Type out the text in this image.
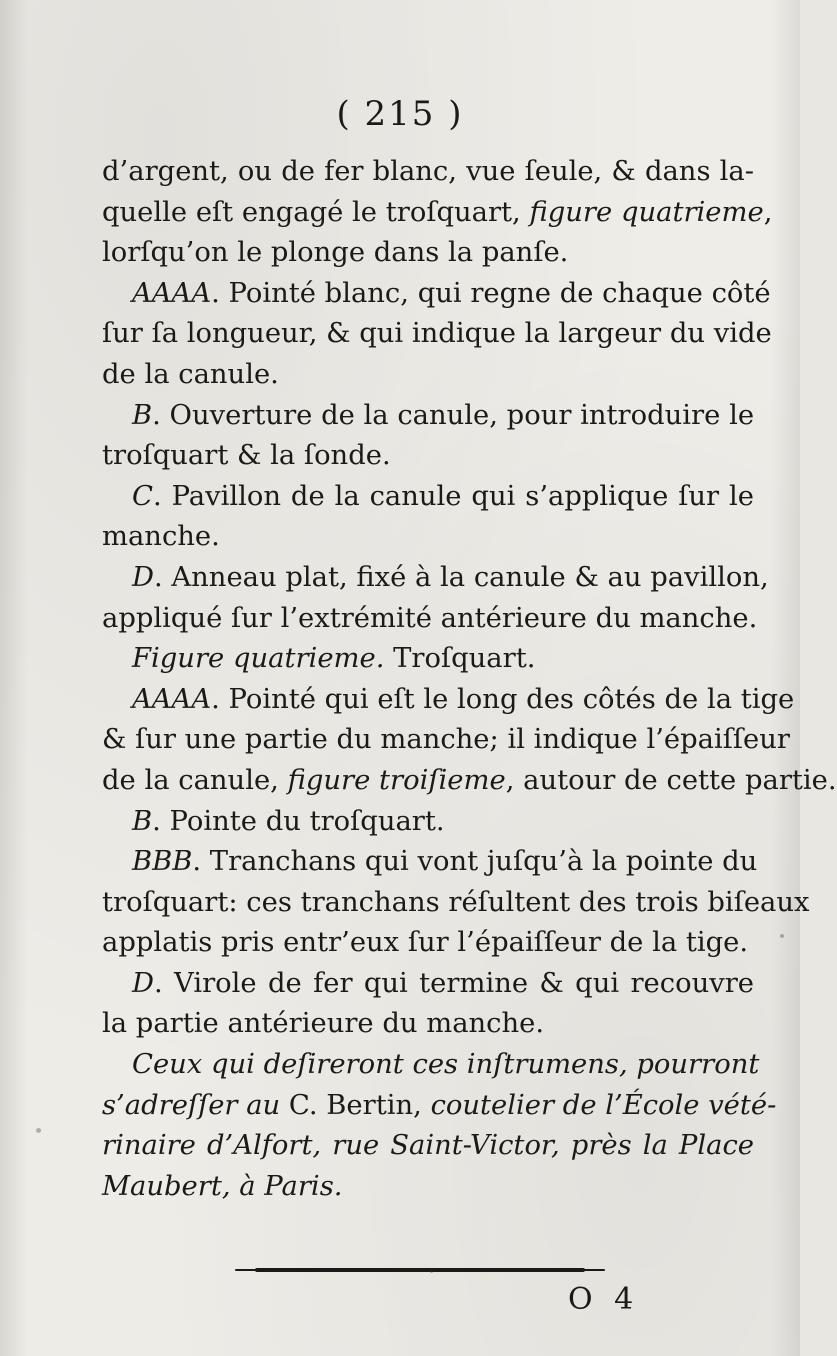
( 215 )
d’argent, ou de fer blanc, vue ſeule, & dans la-
quelle eſt engagé le troſquart, figure quatrieme,
lorſqu’on le plonge dans la panſe.
AAAA. Pointé blanc, qui regne de chaque côté
ſur ſa longueur, & qui indique la largeur du vide
de la canule.
B. Ouverture de la canule, pour introduire le
troſquart & la ſonde.
C. Pavillon de la canule qui s’applique ſur le
manche.
D. Anneau plat, fixé à la canule & au pavillon,
appliqué ſur l’extrémité antérieure du manche.
Figure quatrieme. Troſquart.
AAAA. Pointé qui eſt le long des côtés de la tige
& ſur une partie du manche; il indique l’épaiſſeur
de la canule, figure troiſieme, autour de cette partie.
B. Pointe du troſquart.
BBB. Tranchans qui vont juſqu’à la pointe du
troſquart: ces tranchans réſultent des trois biſeaux
applatis pris entr’eux ſur l’épaiſſeur de la tige.
D. Virole de fer qui termine & qui recouvre
la partie antérieure du manche.
Ceux qui deſireront ces inſtrumens, pourront
s’adreſſer au C. Bertin, coutelier de l’École vété-
rinaire d’Alfort, rue Saint-Victor, près la Place
Maubert, à Paris.
O 4
